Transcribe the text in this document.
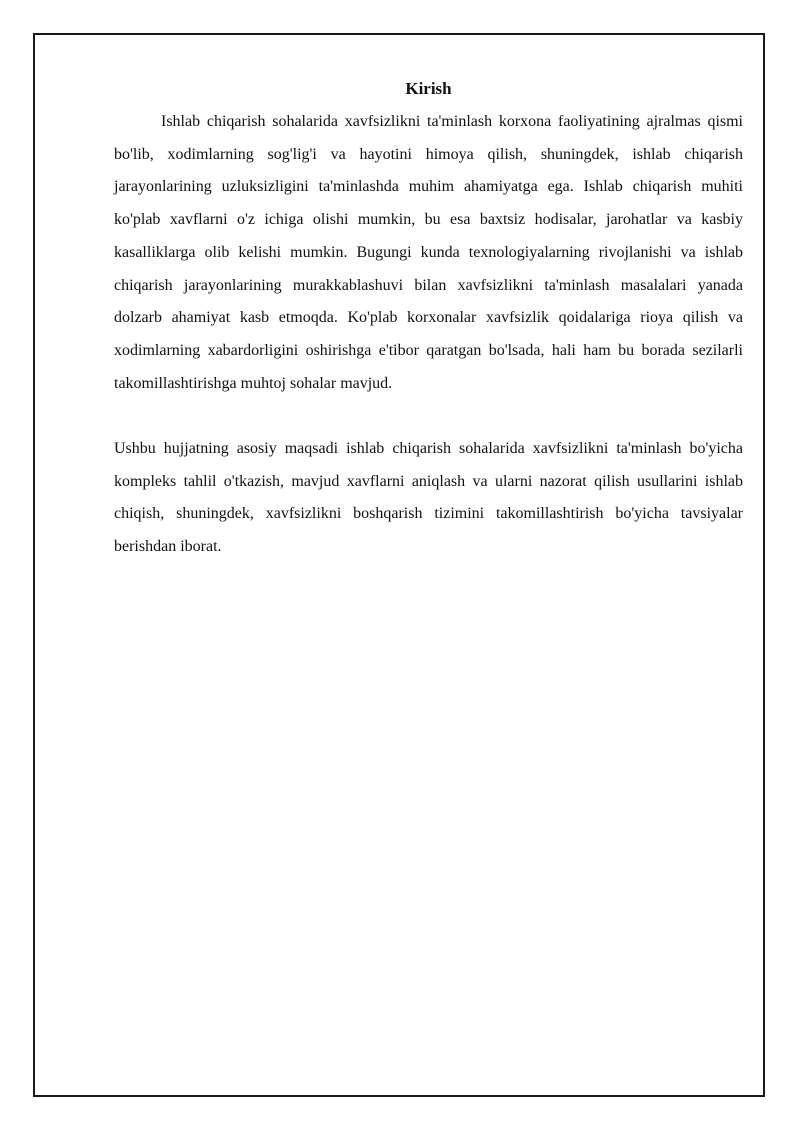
Kirish

Ishlab chiqarish sohalarida xavfsizlikni ta'minlash korxona faoliyatining ajralmas qismi bo'lib, xodimlarning sog'lig'i va hayotini himoya qilish, shuningdek, ishlab chiqarish jarayonlarining uzluksizligini ta'minlashda muhim ahamiyatga ega. Ishlab chiqarish muhiti ko'plab xavflarni o'z ichiga olishi mumkin, bu esa baxtsiz hodisalar, jarohatlar va kasbiy kasalliklarga olib kelishi mumkin. Bugungi kunda texnologiyalarning rivojlanishi va ishlab chiqarish jarayonlarining murakkablashuvi bilan xavfsizlikni ta'minlash masalalari yanada dolzarb ahamiyat kasb etmoqda. Ko'plab korxonalar xavfsizlik qoidalariga rioya qilish va xodimlarning xabardorligini oshirishga e'tibor qaratgan bo'lsada, hali ham bu borada sezilarli takomillashtirishga muhtoj sohalar mavjud.

Ushbu hujjatning asosiy maqsadi ishlab chiqarish sohalarida xavfsizlikni ta'minlash bo'yicha kompleks tahlil o'tkazish, mavjud xavflarni aniqlash va ularni nazorat qilish usullarini ishlab chiqish, shuningdek, xavfsizlikni boshqarish tizimini takomillashtirish bo'yicha tavsiyalar berishdan iborat.
